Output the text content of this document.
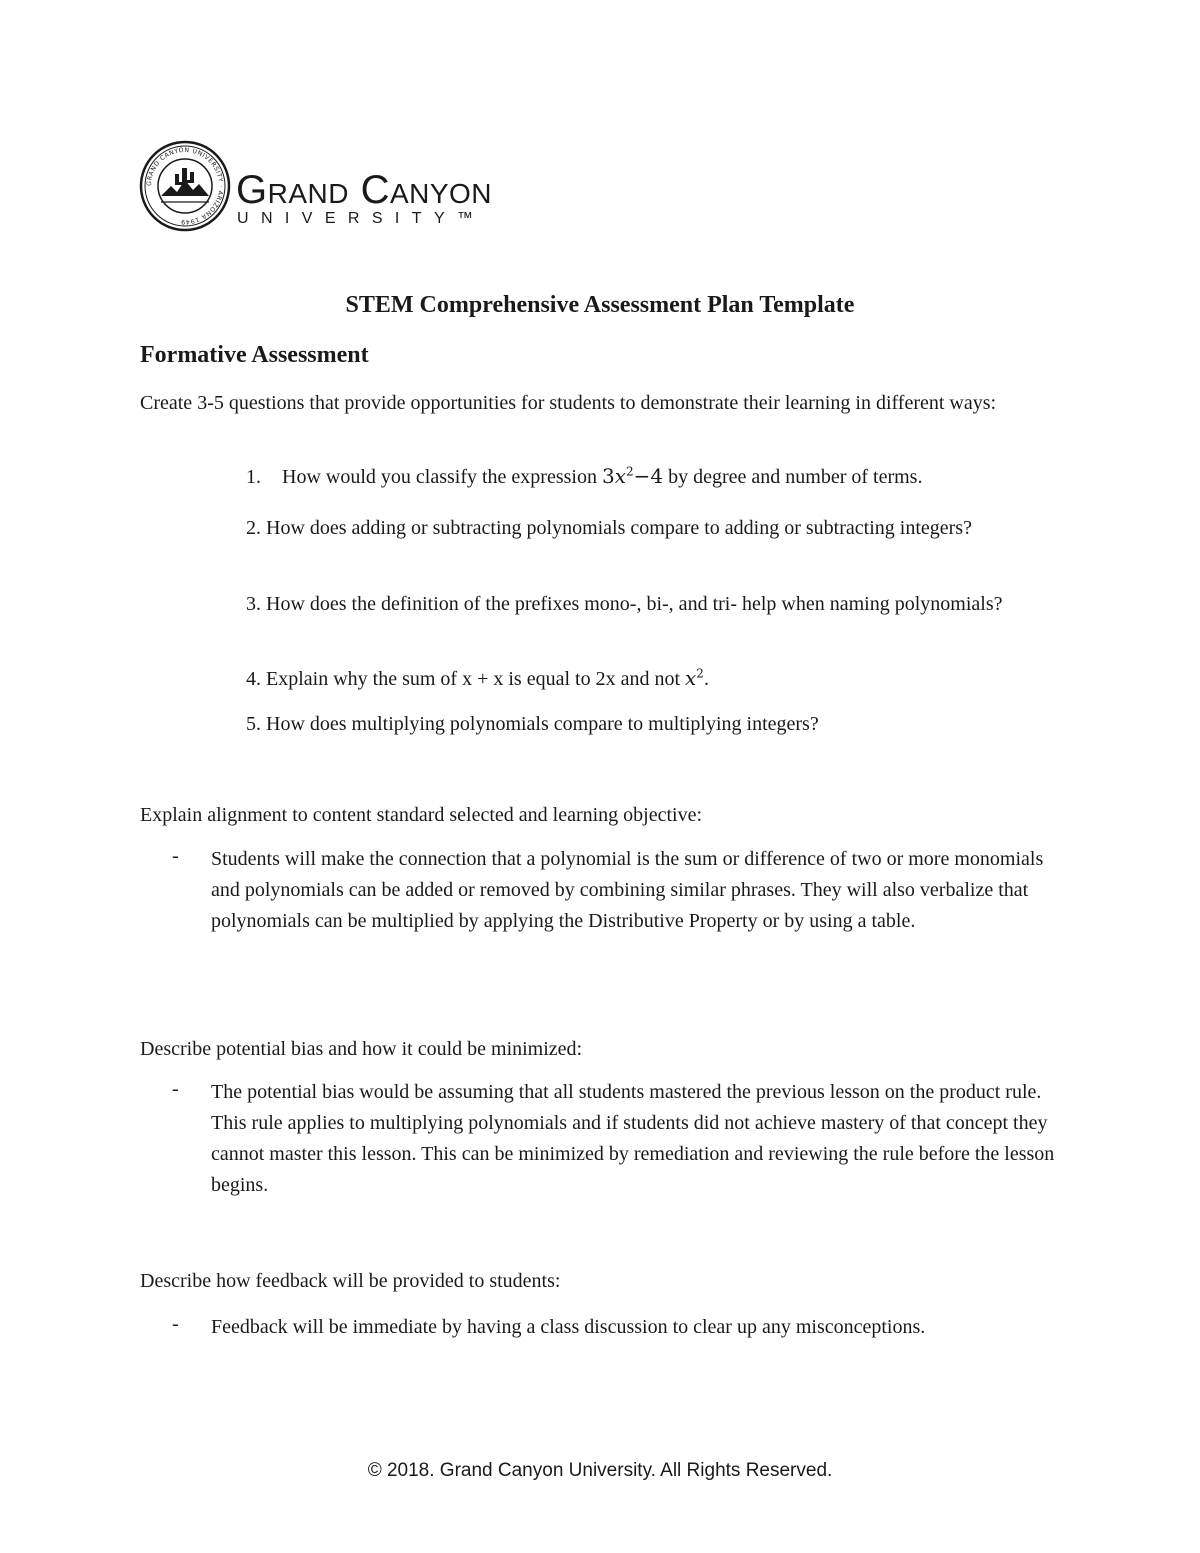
GRAND CANYON UNIVERSITY · ARIZONA 1949
Grand Canyon
UNIVERSITY™
STEM Comprehensive Assessment Plan Template
Formative Assessment
Create 3-5 questions that provide opportunities for students to demonstrate their learning in different ways:
1. How would you classify the expression $3x^2-4$ by degree and number of terms.
2. How does adding or subtracting polynomials compare to adding or subtracting integers?
3. How does the definition of the prefixes mono-, bi-, and tri- help when naming polynomials?
4. Explain why the sum of x + x is equal to 2x and not $x^2$.
5. How does multiplying polynomials compare to multiplying integers?
Explain alignment to content standard selected and learning objective:
- Students will make the connection that a polynomial is the sum or difference of two or more monomials and polynomials can be added or removed by combining similar phrases. They will also verbalize that polynomials can be multiplied by applying the Distributive Property or by using a table.
Describe potential bias and how it could be minimized:
- The potential bias would be assuming that all students mastered the previous lesson on the product rule. This rule applies to multiplying polynomials and if students did not achieve mastery of that concept they cannot master this lesson. This can be minimized by remediation and reviewing the rule before the lesson begins.
Describe how feedback will be provided to students:
- Feedback will be immediate by having a class discussion to clear up any misconceptions.
© 2018. Grand Canyon University. All Rights Reserved.
